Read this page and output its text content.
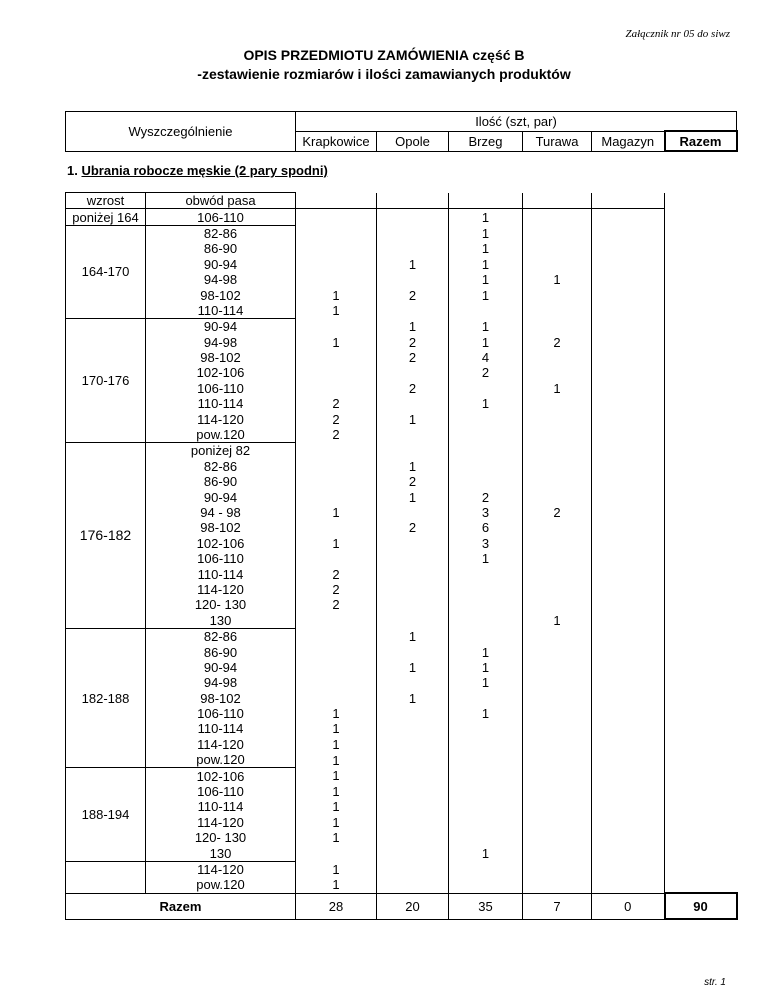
Załącznik nr 05 do siwz
OPIS PRZEDMIOTU ZAMÓWIENIA część B
-zestawienie rozmiarów i ilości zamawianych produktów
Wyszczególnienie	Ilość (szt, par)					
	Krapkowice	Opole	Brzeg	Turawa	Magazyn	Razem
1. Ubrania robocze męskie (2 pary spodni)
wzrost	obwód pasa						
poniżej 164	106-110			1			
164-170	82-86			1			
	86-90			1			
	90-94		1	1			
	94-98			1	1		
	98-102	1	2	1			
	110-114	1					
170-176	90-94		1	1			
	94-98	1	2	1	2		
	98-102		2	4			
	102-106			2			
	106-110		2		1		
	110-114	2		1			
	114-120	2	1				
	pow.120	2					
176-182	poniżej 82						
	82-86		1				
	86-90		2				
	90-94		1	2			
	94 - 98	1		3	2		
	98-102		2	6			
	102-106	1		3			
	106-110			1			
	110-114	2					
	114-120	2					
	120- 130	2					
	130				1		
182-188	82-86		1				
	86-90			1			
	90-94		1	1			
	94-98			1			
	98-102		1				
	106-110	1		1			
	110-114	1					
	114-120	1					
	pow.120	1					
188-194	102-106	1					
	106-110	1					
	110-114	1					
	114-120	1					
	120- 130	1					
	130			1			
	114-120	1					
	pow.120	1					
Razem		28	20	35	7	0	90
str. 1
